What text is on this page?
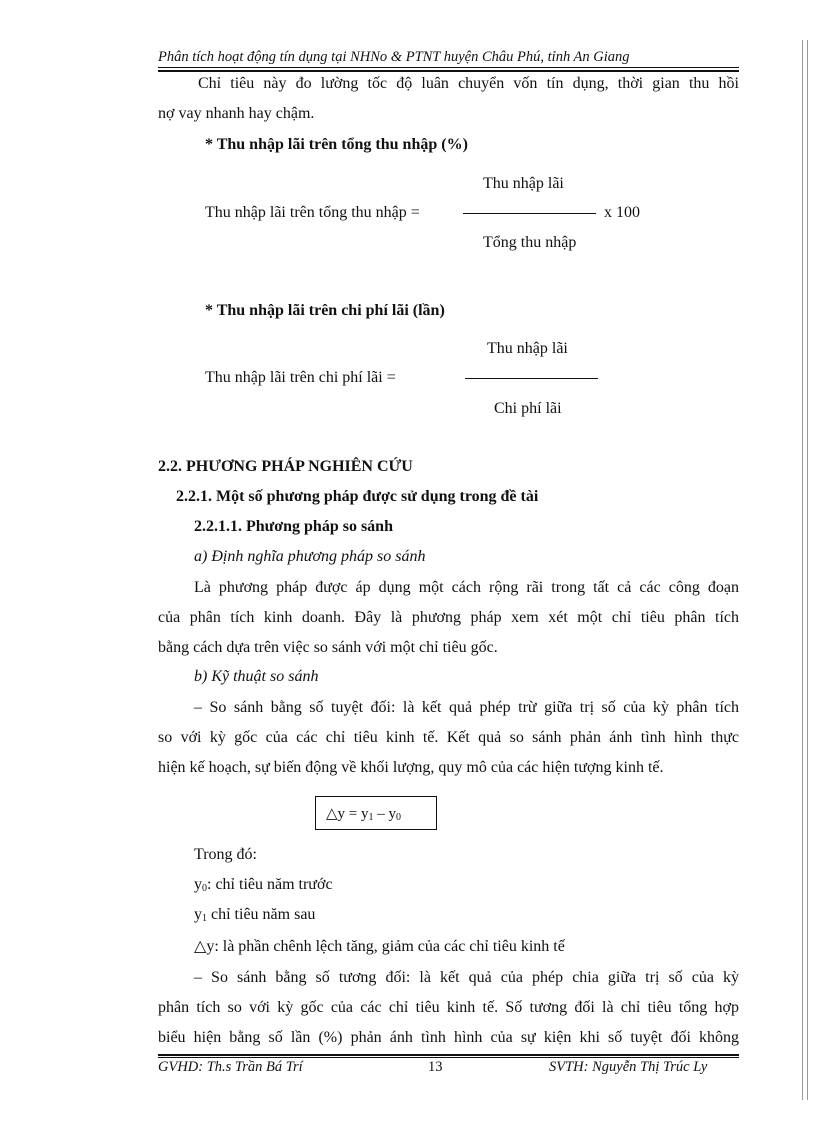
Phân tích hoạt động tín dụng tại NHNo & PTNT huyện Châu Phú, tỉnh An Giang
Chỉ tiêu này đo lường tốc độ luân chuyển vốn tín dụng, thời gian thu hồi
nợ vay nhanh hay chậm.
* Thu nhập lãi trên tổng thu nhập (%)
Thu nhập lãi
Thu nhập lãi trên tổng thu nhập =	x 100
Tổng thu nhập
* Thu nhập lãi trên chi phí lãi (lần)
Thu nhập lãi
Thu nhập lãi trên chi phí lãi =
Chi phí lãi
2.2. PHƯƠNG PHÁP NGHIÊN CỨU
2.2.1. Một số phương pháp được sử dụng trong đề tài
2.2.1.1. Phương pháp so sánh
a) Định nghĩa phương pháp so sánh
Là phương pháp được áp dụng một cách rộng rãi trong tất cả các công đoạn
của phân tích kinh doanh. Đây là phương pháp xem xét một chỉ tiêu phân tích
bằng cách dựa trên việc so sánh với một chỉ tiêu gốc.
b) Kỹ thuật so sánh
– So sánh bằng số tuyệt đối: là kết quả phép trừ giữa trị số của kỳ phân tích
so với kỳ gốc của các chỉ tiêu kinh tế. Kết quả so sánh phản ánh tình hình thực
hiện kế hoạch, sự biến động về khối lượng, quy mô của các hiện tượng kinh tế.
△y = $y_1 - y_0$
Trong đó:
$y_0$: chỉ tiêu năm trước
$y_1$ chỉ tiêu năm sau
△y: là phần chênh lệch tăng, giảm của các chỉ tiêu kinh tế
– So sánh bằng số tương đối: là kết quả của phép chia giữa trị số của kỳ
phân tích so với kỳ gốc của các chỉ tiêu kinh tế. Số tương đối là chỉ tiêu tổng hợp
biểu hiện bằng số lần (%) phản ánh tình hình của sự kiện khi số tuyệt đối không
GVHD: Th.s Trần Bá Trí	13	SVTH: Nguyễn Thị Trúc Ly
